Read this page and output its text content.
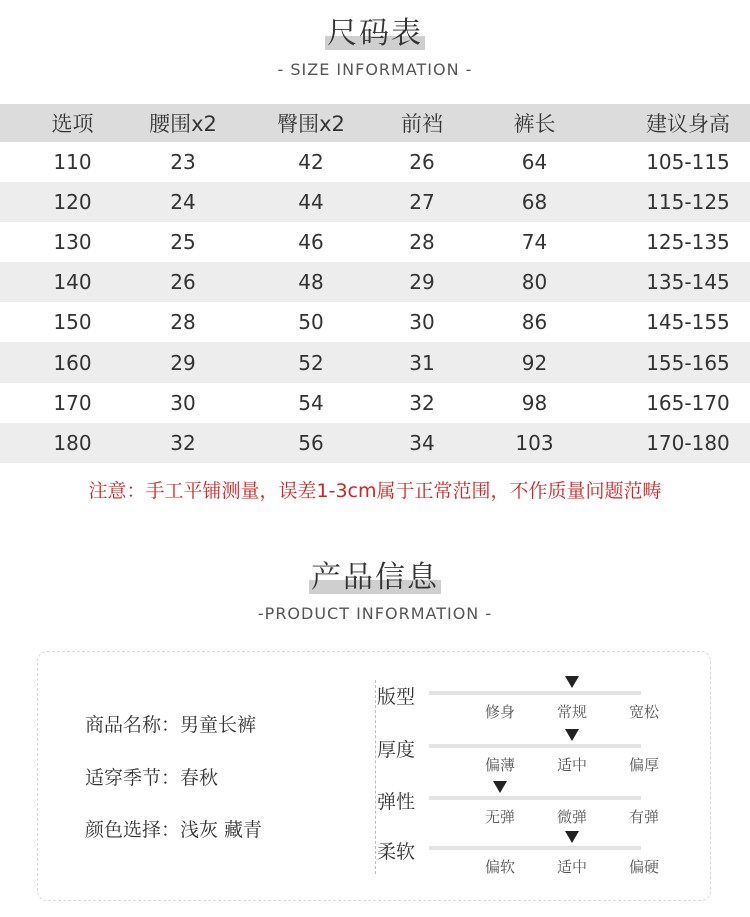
尺码表
- SIZE INFORMATION -
选项	腰围x2	臀围x2	前裆	裤长	建议身高
110	23	42	26	64	105-115
120	24	44	27	68	115-125
130	25	46	28	74	125-135
140	26	48	29	80	135-145
150	28	50	30	86	145-155
160	29	52	31	92	155-165
170	30	54	32	98	165-170
180	32	56	34	103	170-180
注意：手工平铺测量，误差1-3cm属于正常范围，不作质量问题范畴
产品信息
-PRODUCT INFORMATION -
商品名称：男童长裤
适穿季节：春秋
颜色选择：浅灰 藏青
版型
修身	常规	宽松
厚度
偏薄	适中	偏厚
弹性
无弹	微弹	有弹
柔软
偏软	适中	偏硬
